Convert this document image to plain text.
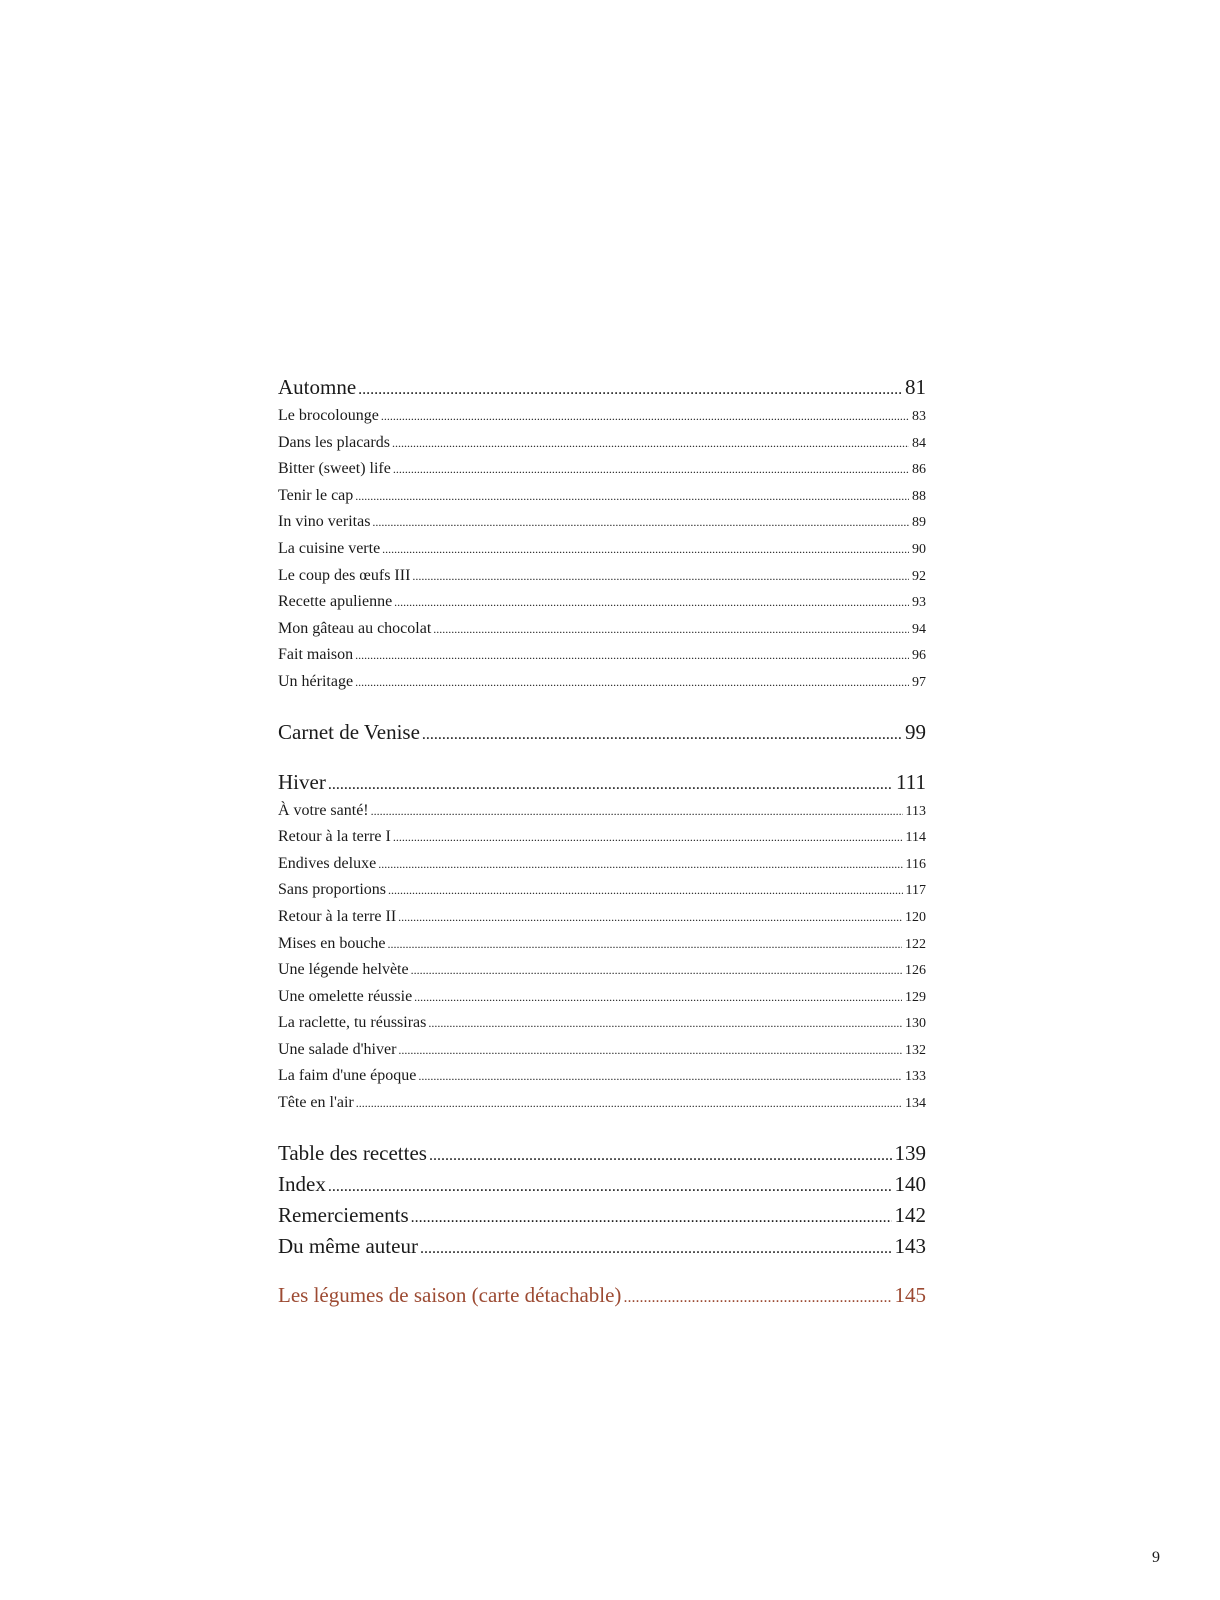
Automne .....	81
Le brocolounge .....	83
Dans les placards .....	84
Bitter (sweet) life .....	86
Tenir le cap .....	88
In vino veritas .....	89
La cuisine verte .....	90
Le coup des œufs III .....	92
Recette apulienne .....	93
Mon gâteau au chocolat .....	94
Fait maison .....	96
Un héritage .....	97
Carnet de Venise .....	99
Hiver .....	111
À votre santé! .....	113
Retour à la terre I .....	114
Endives deluxe .....	116
Sans proportions .....	117
Retour à la terre II .....	120
Mises en bouche .....	122
Une légende helvète .....	126
Une omelette réussie .....	129
La raclette, tu réussiras .....	130
Une salade d'hiver .....	132
La faim d'une époque .....	133
Tête en l'air .....	134
Table des recettes .....	139
Index .....	140
Remerciements .....	142
Du même auteur .....	143
Les légumes de saison (carte détachable) .....	145
9
